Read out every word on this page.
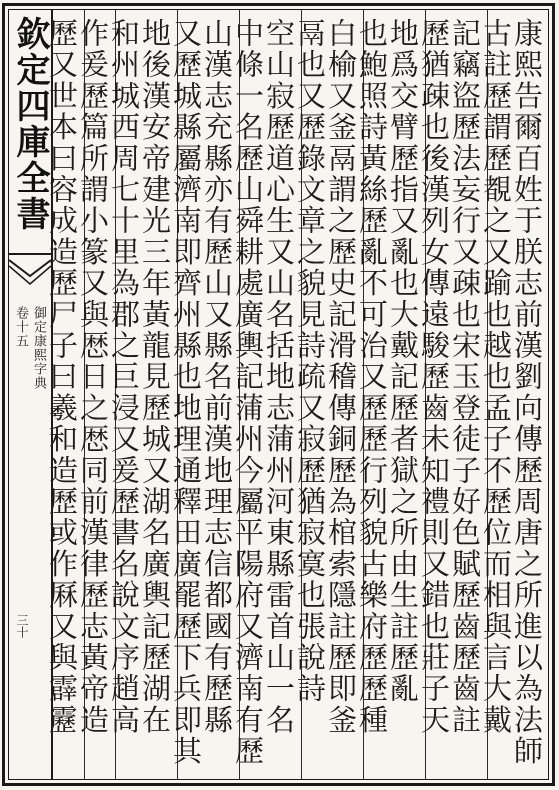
欽定四庫全書
御定康熙字典
卷十五
三十	康熙告爾百姓于朕志前漢劉向傳歷周唐之所進以為法師
古註歷謂歷覩之又踰也越也孟子不歷位而相與言大戴
記竊盜歷法妄行又疎也宋玉登徒子好色賦歷齒歷齒註
歷猶疎也後漢列女傳遠駿歷齒未知禮則又錯也莊子天
地爲交臂歷指又亂也大戴記歷者獄之所由生註歷亂
也鮑照詩黃絲歷亂不可治又歷歷行列貌古樂府歷歷種
白榆又釜鬲謂之歷史記滑稽傳銅歷為棺索隱註歷即釜
鬲也又歷錄文章之貌見詩疏又寂歷猶寂寞也張說詩
空山寂歷道心生又山名括地志蒲州河東縣雷首山一名
中條一名歷山舜耕處廣輿記蒲州今屬平陽府又濟南有歷
山漢志充縣亦有歷山又縣名前漢地理志信都國有歷縣
又歷城縣屬濟南即齊州縣也地理通釋田廣罷歷下兵即其
地後漢安帝建光三年黃龍見歷城又湖名廣輿記歷湖在
和州城西周七十里為郡之巨浸又爰歷書名說文序趙高
作爰歷篇所謂小篆又與厯日之厯同前漢律歷志黃帝造
歷又世本曰容成造歷尸子曰羲和造歷或作厤又與霹靂
